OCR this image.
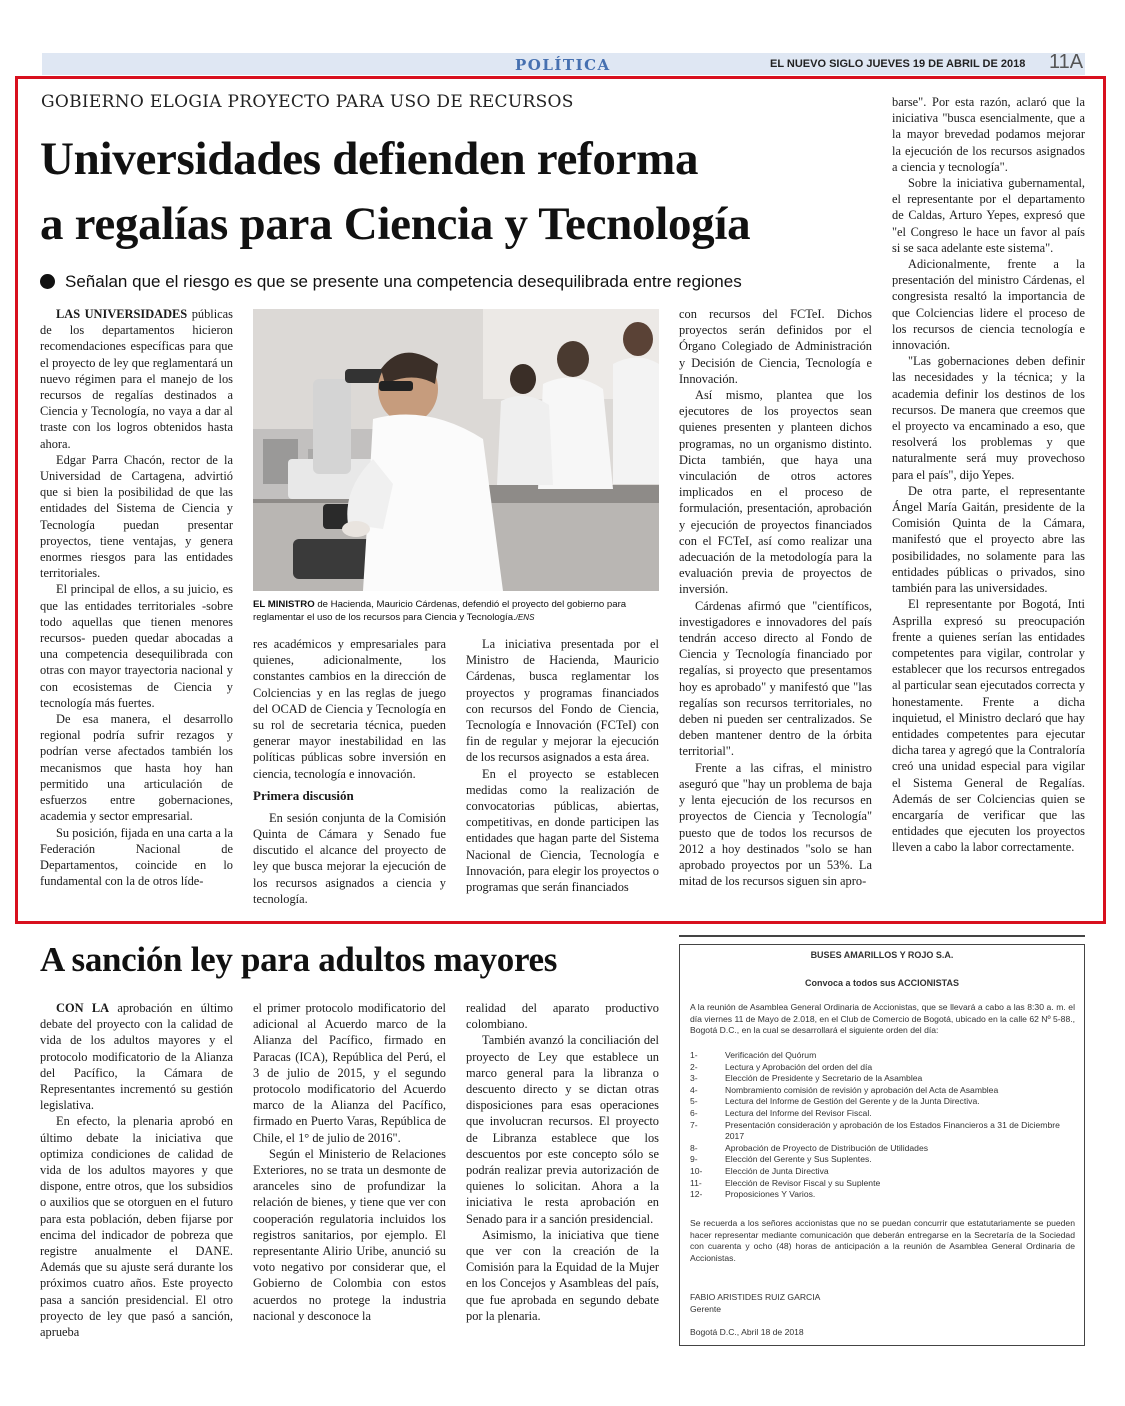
POLÍTICA	EL NUEVO SIGLO JUEVES 19 DE ABRIL DE 2018 11A
GOBIERNO ELOGIA PROYECTO PARA USO DE RECURSOS
Universidades defienden reforma
a regalías para Ciencia y Tecnología
Señalan que el riesgo es que se presente una competencia desequilibrada entre regiones

LAS UNIVERSIDADES públicas de los departamentos hicieron recomendaciones específicas para que el proyecto de ley que reglamentará un nuevo régimen para el manejo de los recursos de regalías destinados a Ciencia y Tecnología, no vaya a dar al traste con los logros obtenidos hasta ahora.

Edgar Parra Chacón, rector de la Universidad de Cartagena, advirtió que si bien la posibilidad de que las entidades del Sistema de Ciencia y Tecnología puedan presentar proyectos, tiene ventajas, y genera enormes riesgos para las entidades territoriales.

El principal de ellos, a su juicio, es que las entidades territoriales -sobre todo aquellas que tienen menores recursos- pueden quedar abocadas a una competencia desequilibrada con otras con mayor trayectoria nacional y con ecosistemas de Ciencia y tecnología más fuertes.

De esa manera, el desarrollo regional podría sufrir rezagos y podrían verse afectados también los mecanismos que hasta hoy han permitido una articulación de esfuerzos entre gobernaciones, academia y sector empresarial.

Su posición, fijada en una carta a la Federación Nacional de Departamentos, coincide en lo fundamental con la de otros líde-

EL MINISTRO de Hacienda, Mauricio Cárdenas, defendió el proyecto del gobierno para reglamentar el uso de los recursos para Ciencia y Tecnología./ENS

res académicos y empresariales para quienes, adicionalmente, los constantes cambios en la dirección de Colciencias y en las reglas de juego del OCAD de Ciencia y Tecnología en su rol de secretaria técnica, pueden generar mayor inestabilidad en las políticas públicas sobre inversión en ciencia, tecnología e innovación.

Primera discusión

En sesión conjunta de la Comisión Quinta de Cámara y Senado fue discutido el alcance del proyecto de ley que busca mejorar la ejecución de los recursos asignados a ciencia y tecnología.

La iniciativa presentada por el Ministro de Hacienda, Mauricio Cárdenas, busca reglamentar los proyectos y programas financiados con recursos del Fondo de Ciencia, Tecnología e Innovación (FCTeI) con fin de regular y mejorar la ejecución de los recursos asignados a esta área.

En el proyecto se establecen medidas como la realización de convocatorias públicas, abiertas, competitivas, en donde participen las entidades que hagan parte del Sistema Nacional de Ciencia, Tecnología e Innovación, para elegir los proyectos o programas que serán financiados

con recursos del FCTeI. Dichos proyectos serán definidos por el Órgano Colegiado de Administración y Decisión de Ciencia, Tecnología e Innovación.

Así mismo, plantea que los ejecutores de los proyectos sean quienes presenten y planteen dichos programas, no un organismo distinto. Dicta también, que haya una vinculación de otros actores implicados en el proceso de formulación, presentación, aprobación y ejecución de proyectos financiados con el FCTeI, así como realizar una adecuación de la metodología para la evaluación previa de proyectos de inversión.

Cárdenas afirmó que "científicos, investigadores e innovadores del país tendrán acceso directo al Fondo de Ciencia y Tecnología financiado por regalías, si proyecto que presentamos hoy es aprobado" y manifestó que "las regalías son recursos territoriales, no deben ni pueden ser centralizados. Se deben mantener dentro de la órbita territorial".

Frente a las cifras, el ministro aseguró que "hay un problema de baja y lenta ejecución de los recursos en proyectos de Ciencia y Tecnología" puesto que de todos los recursos de 2012 a hoy destinados "solo se han aprobado proyectos por un 53%. La mitad de los recursos siguen sin apro-

barse". Por esta razón, aclaró que la iniciativa "busca esencialmente, que a la mayor brevedad podamos mejorar la ejecución de los recursos asignados a ciencia y tecnología".

Sobre la iniciativa gubernamental, el representante por el departamento de Caldas, Arturo Yepes, expresó que "el Congreso le hace un favor al país si se saca adelante este sistema".

Adicionalmente, frente a la presentación del ministro Cárdenas, el congresista resaltó la importancia de que Colciencias lidere el proceso de los recursos de ciencia tecnología e innovación.

"Las gobernaciones deben definir las necesidades y la técnica; y la academia definir los destinos de los recursos. De manera que creemos que el proyecto va encaminado a eso, que resolverá los problemas y que naturalmente será muy provechoso para el país", dijo Yepes.

De otra parte, el representante Ángel María Gaitán, presidente de la Comisión Quinta de la Cámara, manifestó que el proyecto abre las posibilidades, no solamente para las entidades públicas o privados, sino también para las universidades.

El representante por Bogotá, Inti Asprilla expresó su preocupación frente a quienes serían las entidades competentes para vigilar, controlar y establecer que los recursos entregados al particular sean ejecutados correcta y honestamente. Frente a dicha inquietud, el Ministro declaró que hay entidades competentes para ejecutar dicha tarea y agregó que la Contraloría creó una unidad especial para vigilar el Sistema General de Regalías. Además de ser Colciencias quien se encargaría de verificar que las entidades que ejecuten los proyectos lleven a cabo la labor correctamente.

A sanción ley para adultos mayores

CON LA aprobación en último debate del proyecto con la calidad de vida de los adultos mayores y el protocolo modificatorio de la Alianza del Pacífico, la Cámara de Representantes incrementó su gestión legislativa.

En efecto, la plenaria aprobó en último debate la iniciativa que optimiza condiciones de calidad de vida de los adultos mayores y que dispone, entre otros, que los subsidios o auxilios que se otorguen en el futuro para esta población, deben fijarse por encima del indicador de pobreza que registre anualmente el DANE. Además que su ajuste será durante los próximos cuatro años. Este proyecto pasa a sanción presidencial. El otro proyecto de ley que pasó a sanción, aprueba

el primer protocolo modificatorio del adicional al Acuerdo marco de la Alianza del Pacífico, firmado en Paracas (ICA), República del Perú, el 3 de julio de 2015, y el segundo protocolo modificatorio del Acuerdo marco de la Alianza del Pacífico, firmado en Puerto Varas, República de Chile, el 1° de julio de 2016".

Según el Ministerio de Relaciones Exteriores, no se trata un desmonte de aranceles sino de profundizar la relación de bienes, y tiene que ver con cooperación regulatoria incluidos los registros sanitarios, por ejemplo. El representante Alirio Uribe, anunció su voto negativo por considerar que, el Gobierno de Colombia con estos acuerdos no protege la industria nacional y desconoce la

realidad del aparato productivo colombiano.

También avanzó la conciliación del proyecto de Ley que establece un marco general para la libranza o descuento directo y se dictan otras disposiciones para esas operaciones que involucran recursos. El proyecto de Libranza establece que los descuentos por este concepto sólo se podrán realizar previa autorización de quienes lo solicitan. Ahora a la iniciativa le resta aprobación en Senado para ir a sanción presidencial.

Asimismo, la iniciativa que tiene que ver con la creación de la Comisión para la Equidad de la Mujer en los Concejos y Asambleas del país, que fue aprobada en segundo debate por la plenaria.

BUSES AMARILLOS Y ROJO S.A.
Convoca a todos sus ACCIONISTAS
A la reunión de Asamblea General Ordinaria de Accionistas, que se llevará a cabo a las 8:30 a. m. el día viernes 11 de Mayo de 2.018, en el Club de Comercio de Bogotá, ubicado en la calle 62 Nº 5-88., Bogotá D.C., en la cual se desarrollará el siguiente orden del día:
1-	Verificación del Quórum
2-	Lectura y Aprobación del orden del día
3-	Elección de Presidente y Secretario de la Asamblea
4-	Nombramiento comisión de revisión y aprobación del Acta de Asamblea
5-	Lectura del Informe de Gestión del Gerente y de la Junta Directiva.
6-	Lectura del Informe del Revisor Fiscal.
7-	Presentación consideración y aprobación de los Estados Financieros a 31 de Diciembre 2017
8-	Aprobación de Proyecto de Distribución de Utilidades
9-	Elección del Gerente y Sus Suplentes.
10-	Elección de Junta Directiva
11-	Elección de Revisor Fiscal y su Suplente
12-	Proposiciones Y Varios.
Se recuerda a los señores accionistas que no se puedan concurrir que estatutariamente se pueden hacer representar mediante comunicación que deberán entregarse en la Secretaría de la Sociedad con cuarenta y ocho (48) horas de anticipación a la reunión de Asamblea General Ordinaria de Accionistas.
FABIO ARISTIDES RUIZ GARCIA
Gerente
Bogotá D.C., Abril 18 de 2018
